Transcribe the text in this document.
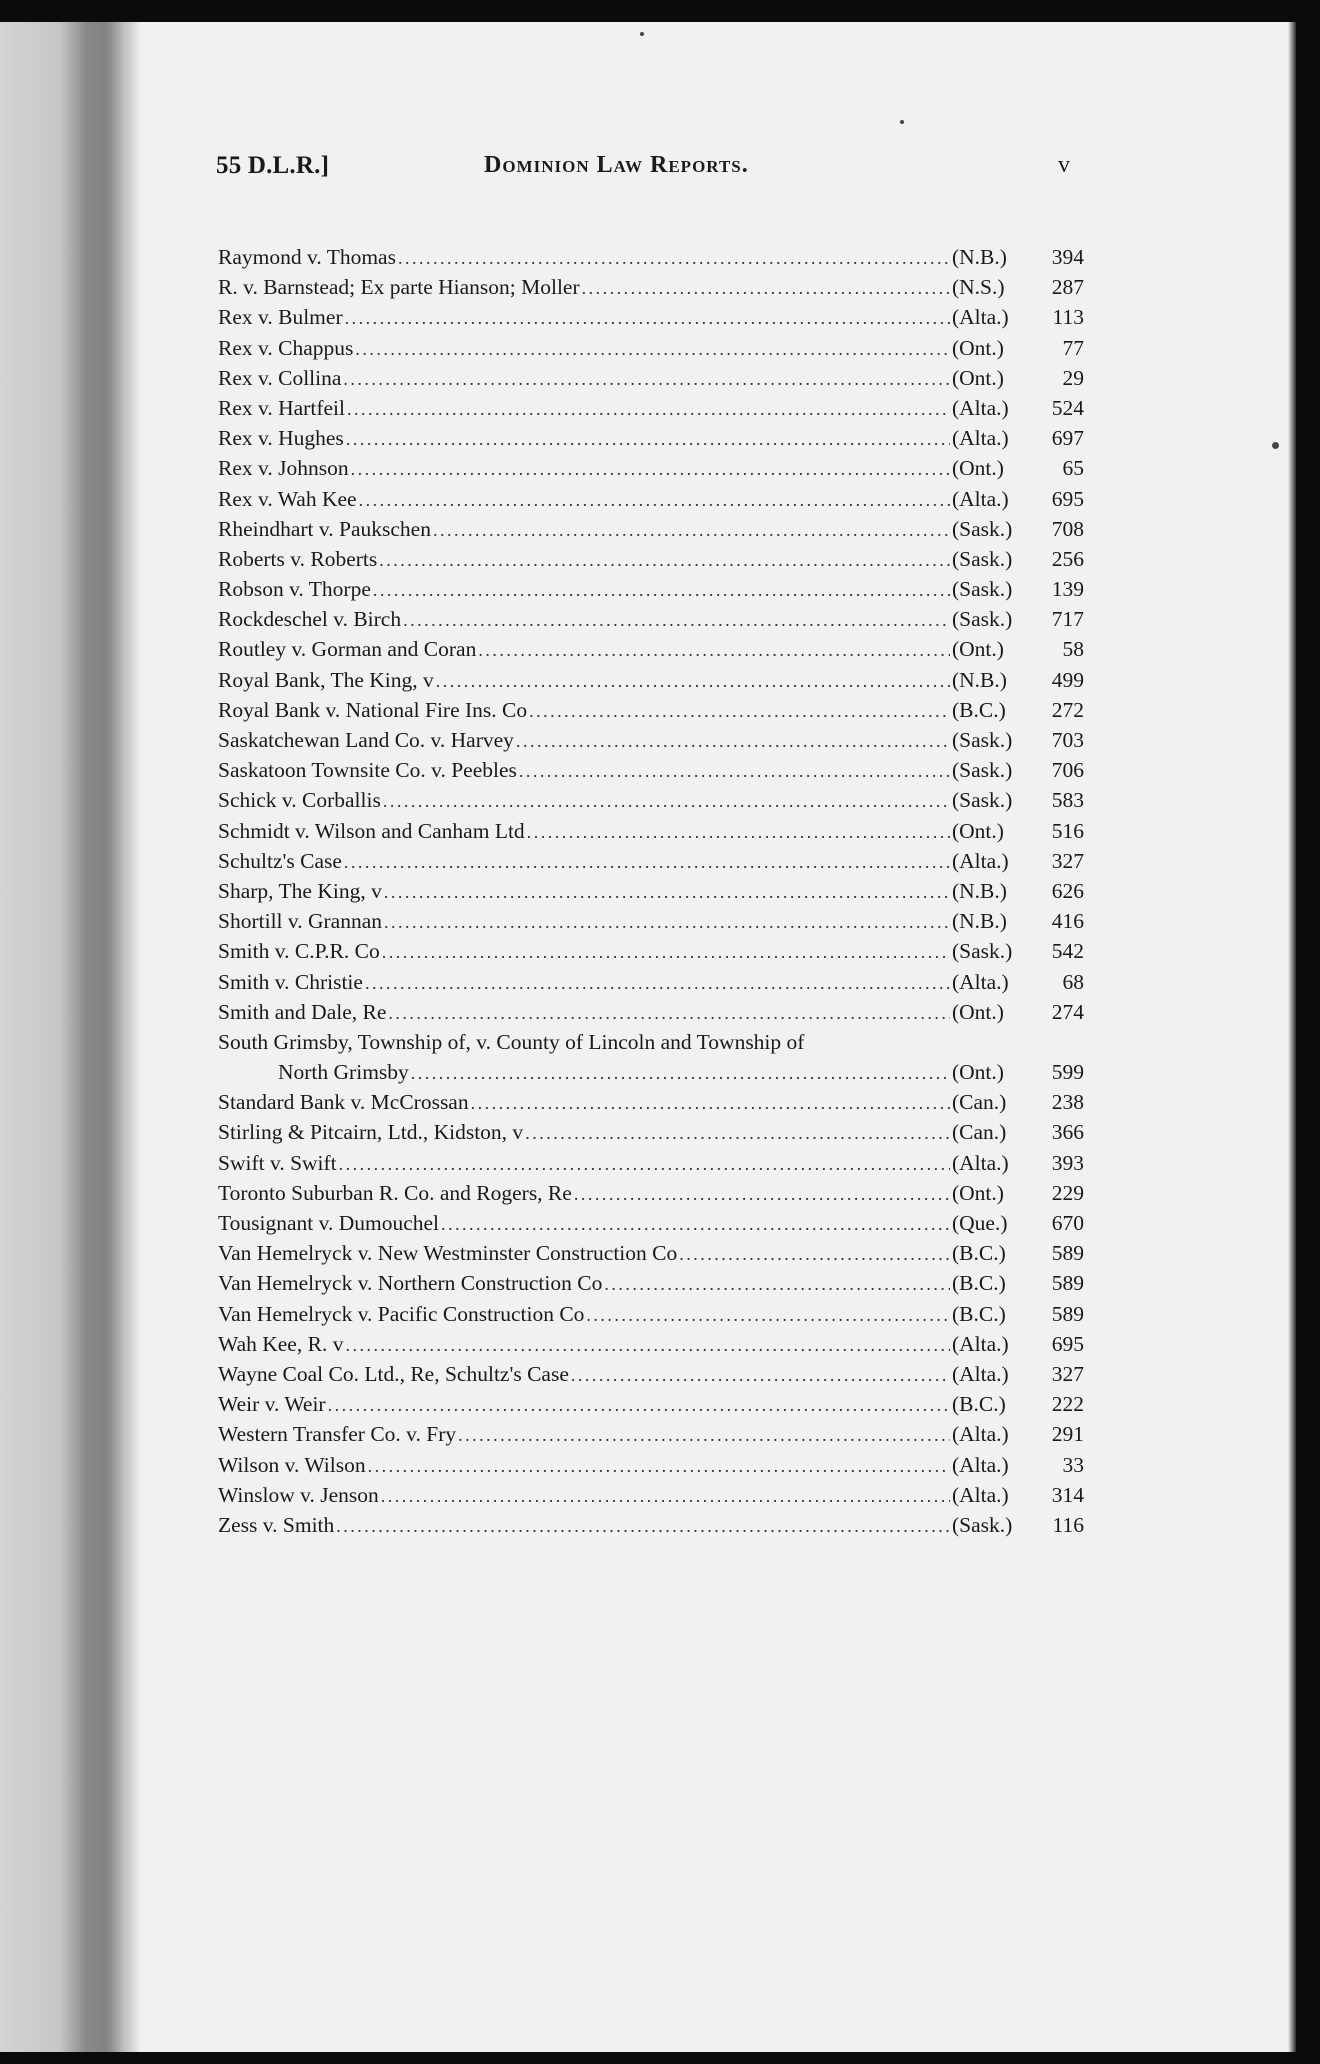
55 D.L.R.]	Dominion Law Reports.	v
Raymond v. Thomas . . .	(N.B.)	394
R. v. Barnstead; Ex parte Hianson; Moller . . .	(N.S.)	287
Rex v. Bulmer . . .	(Alta.)	113
Rex v. Chappus . . .	(Ont.)	77
Rex v. Collina . . .	(Ont.)	29
Rex v. Hartfeil . . .	(Alta.)	524
Rex v. Hughes . . .	(Alta.)	697
Rex v. Johnson . . .	(Ont.)	65
Rex v. Wah Kee . . .	(Alta.)	695
Rheindhart v. Paukschen . . .	(Sask.)	708
Roberts v. Roberts . . .	(Sask.)	256
Robson v. Thorpe . . .	(Sask.)	139
Rockdeschel v. Birch . . .	(Sask.)	717
Routley v. Gorman and Coran . . .	(Ont.)	58
Royal Bank, The King, v . . .	(N.B.)	499
Royal Bank v. National Fire Ins. Co . . .	(B.C.)	272
Saskatchewan Land Co. v. Harvey . . .	(Sask.)	703
Saskatoon Townsite Co. v. Peebles . . .	(Sask.)	706
Schick v. Corballis . . .	(Sask.)	583
Schmidt v. Wilson and Canham Ltd . . .	(Ont.)	516
Schultz's Case . . .	(Alta.)	327
Sharp, The King, v . . .	(N.B.)	626
Shortill v. Grannan . . .	(N.B.)	416
Smith v. C.P.R. Co . . .	(Sask.)	542
Smith v. Christie . . .	(Alta.)	68
Smith and Dale, Re . . .	(Ont.)	274
South Grimsby, Township of, v. County of Lincoln and Township of
North Grimsby . . .	(Ont.)	599
Standard Bank v. McCrossan . . .	(Can.)	238
Stirling & Pitcairn, Ltd., Kidston, v . . .	(Can.)	366
Swift v. Swift . . .	(Alta.)	393
Toronto Suburban R. Co. and Rogers, Re . . .	(Ont.)	229
Tousignant v. Dumouchel . . .	(Que.)	670
Van Hemelryck v. New Westminster Construction Co . . .	(B.C.)	589
Van Hemelryck v. Northern Construction Co . . .	(B.C.)	589
Van Hemelryck v. Pacific Construction Co . . .	(B.C.)	589
Wah Kee, R. v . . .	(Alta.)	695
Wayne Coal Co. Ltd., Re, Schultz's Case . . .	(Alta.)	327
Weir v. Weir . . .	(B.C.)	222
Western Transfer Co. v. Fry . . .	(Alta.)	291
Wilson v. Wilson . . .	(Alta.)	33
Winslow v. Jenson . . .	(Alta.)	314
Zess v. Smith . . .	(Sask.)	116
